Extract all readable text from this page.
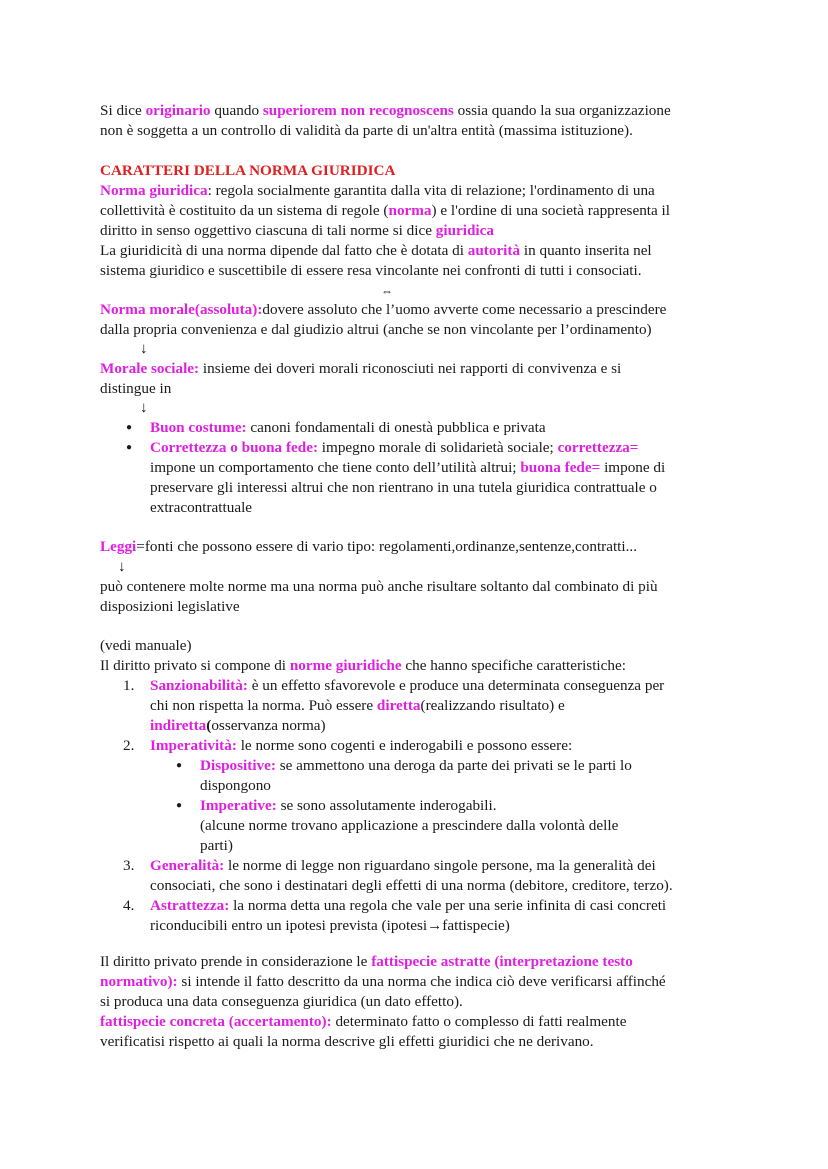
Si dice originario quando superiorem non recognoscens ossia quando la sua organizzazione
non è soggetta a un controllo di validità da parte di un'altra entità (massima istituzione).
CARATTERI DELLA NORMA GIURIDICA
Norma giuridica: regola socialmente garantita dalla vita di relazione; l'ordinamento di una
collettività è costituito da un sistema di regole (norma) e l'ordine di una società rappresenta il
diritto in senso oggettivo ciascuna di tali norme si dice giuridica
La giuridicità di una norma dipende dal fatto che è dotata di autorità in quanto inserita nel
sistema giuridico e suscettibile di essere resa vincolante nei confronti di tutti i consociati.
⇔
Norma morale(assoluta):dovere assoluto che l’uomo avverte come necessario a prescindere
dalla propria convenienza e dal giudizio altrui (anche se non vincolante per l’ordinamento)
↓
Morale sociale: insieme dei doveri morali riconosciuti nei rapporti di convivenza e si
distingue in
↓
● Buon costume: canoni fondamentali di onestà pubblica e privata
● Correttezza o buona fede: impegno morale di solidarietà sociale; correttezza=
impone un comportamento che tiene conto dell’utilità altrui; buona fede= impone di
preservare gli interessi altrui che non rientrano in una tutela giuridica contrattuale o
extracontrattuale
Leggi=fonti che possono essere di vario tipo: regolamenti,ordinanze,sentenze,contratti...
↓
può contenere molte norme ma una norma può anche risultare soltanto dal combinato di più
disposizioni legislative
(vedi manuale)
Il diritto privato si compone di norme giuridiche che hanno specifiche caratteristiche:
1. Sanzionabilità: è un effetto sfavorevole e produce una determinata conseguenza per
chi non rispetta la norma. Può essere diretta(realizzando risultato) e
indiretta(osservanza norma)
2. Imperatività: le norme sono cogenti e inderogabili e possono essere:
● Dispositive: se ammettono una deroga da parte dei privati se le parti lo
dispongono
● Imperative: se sono assolutamente inderogabili.
(alcune norme trovano applicazione a prescindere dalla volontà delle
parti)
3. Generalità: le norme di legge non riguardano singole persone, ma la generalità dei
consociati, che sono i destinatari degli effetti di una norma (debitore, creditore, terzo).
4. Astrattezza: la norma detta una regola che vale per una serie infinita di casi concreti
riconducibili entro un ipotesi prevista (ipotesi→fattispecie)
Il diritto privato prende in considerazione le fattispecie astratte (interpretazione testo
normativo): si intende il fatto descritto da una norma che indica ciò deve verificarsi affinché
si produca una data conseguenza giuridica (un dato effetto).
fattispecie concreta (accertamento): determinato fatto o complesso di fatti realmente
verificatisi rispetto ai quali la norma descrive gli effetti giuridici che ne derivano.
